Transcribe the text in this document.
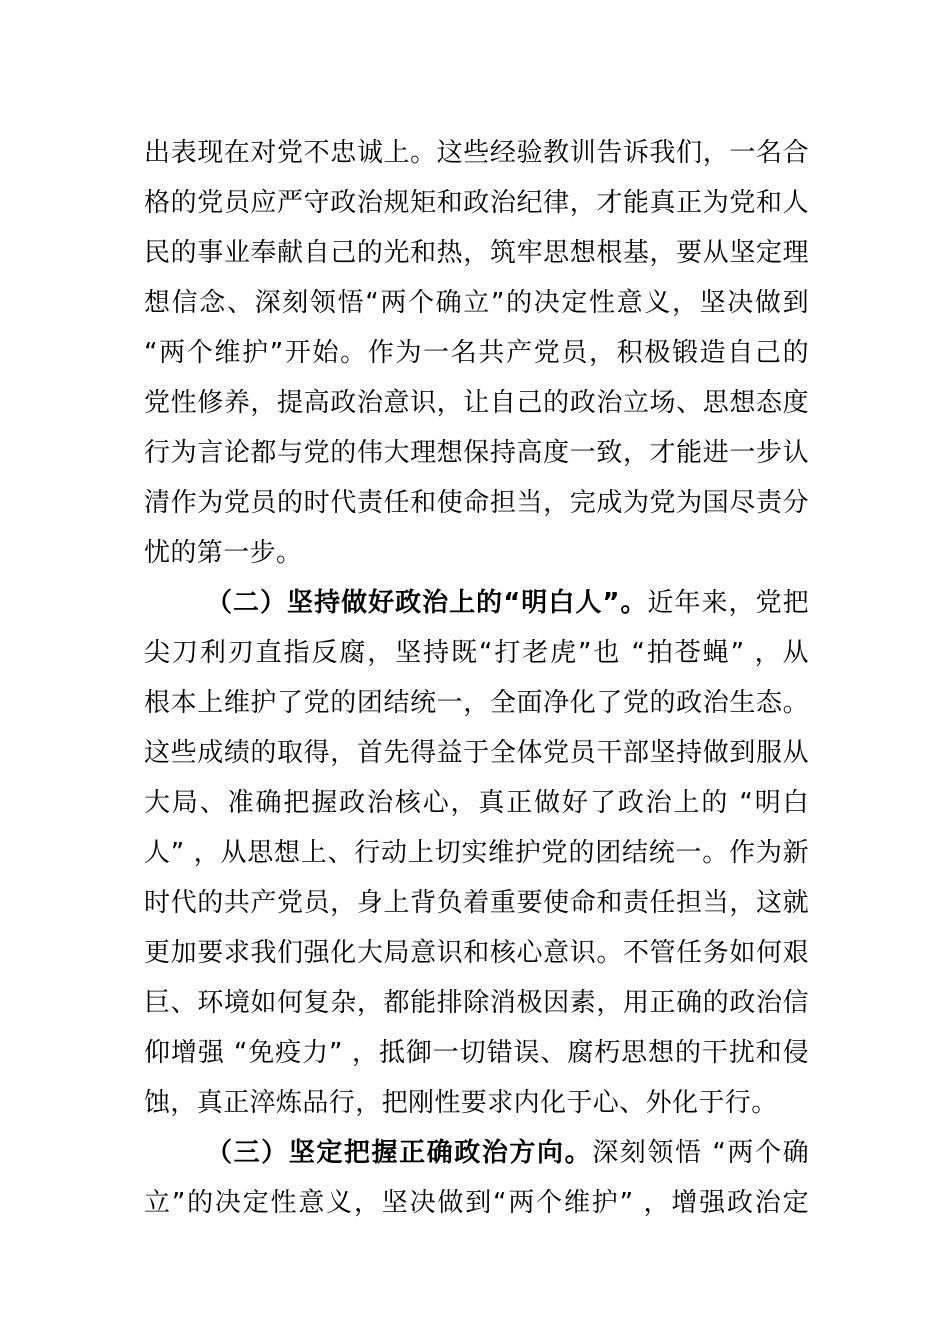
出表现在对党不忠诚上。这些经验教训告诉我们，一名合
格的党员应严守政治规矩和政治纪律，才能真正为党和人
民的事业奉献自己的光和热，筑牢思想根基，要从坚定理
想信念、深刻领悟“两个确立”的决定性意义，坚决做到
“两个维护”开始。作为一名共产党员，积极锻造自己的
党性修养，提高政治意识，让自己的政治立场、思想态度
行为言论都与党的伟大理想保持高度一致，才能进一步认
清作为党员的时代责任和使命担当，完成为党为国尽责分
忧的第一步。
（二）坚持做好政治上的“明白人”。近年来，党把
尖刀利刃直指反腐，坚持既“打老虎”也 “拍苍蝇” ，从
根本上维护了党的团结统一，全面净化了党的政治生态。
这些成绩的取得，首先得益于全体党员干部坚持做到服从
大局、准确把握政治核心，真正做好了政治上的 “明白
人” ，从思想上、行动上切实维护党的团结统一。作为新
时代的共产党员，身上背负着重要使命和责任担当，这就
更加要求我们强化大局意识和核心意识。不管任务如何艰
巨、环境如何复杂，都能排除消极因素，用正确的政治信
仰增强 “免疫力” ，抵御一切错误、腐朽思想的干扰和侵
蚀，真正淬炼品行，把刚性要求内化于心、外化于行。
（三）坚定把握正确政治方向。深刻领悟 “两个确
立”的决定性意义，坚决做到“两个维护” ，增强政治定
